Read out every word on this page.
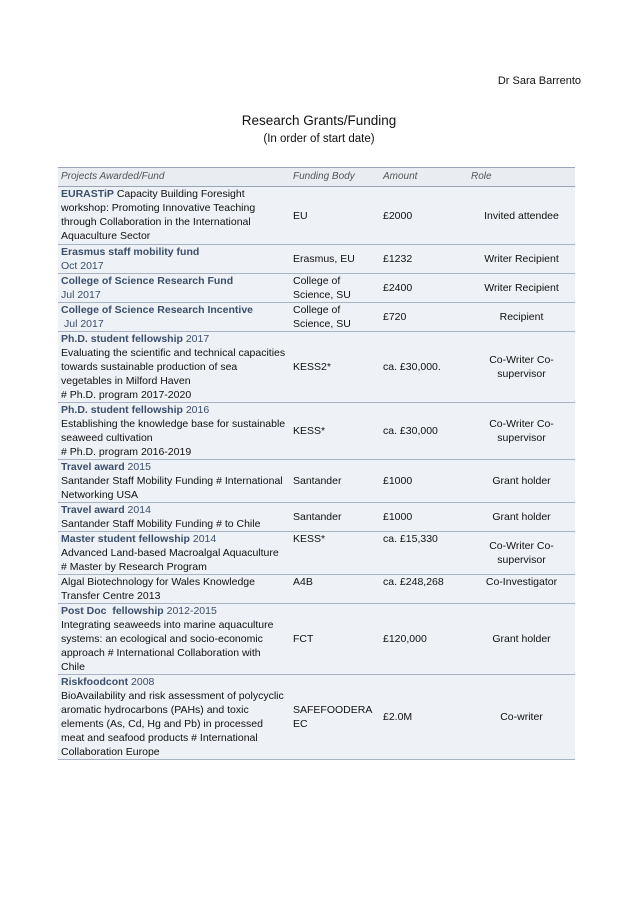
Dr Sara Barrento
Research Grants/Funding
(In order of start date)
Projects Awarded/Fund	Funding Body	Amount	Role
EURASTiP Capacity Building Foresight workshop: Promoting Innovative Teaching through Collaboration in the International Aquaculture Sector	EU	£2000	Invited attendee

Erasmus staff mobility fund
Oct 2017	Erasmus, EU	£1232	Writer Recipient

College of Science Research Fund
Jul 2017	College of Science, SU	£2400	Writer Recipient

College of Science Research Incentive
Jul 2017	College of Science, SU	£720	Recipient
Ph.D. student fellowship 2017
Evaluating the scientific and technical capacities towards sustainable production of sea vegetables in Milford Haven
# Ph.D. program 2017-2020	KESS2*	ca. £30,000.	Co-Writer Co-supervisor
Ph.D. student fellowship 2016
Establishing the knowledge base for sustainable seaweed cultivation
# Ph.D. program 2016-2019	KESS*	ca. £30,000	Co-Writer Co-supervisor
Travel award 2015
Santander Staff Mobility Funding # International Networking USA	Santander	£1000	Grant holder
Travel award 2014
Santander Staff Mobility Funding # to Chile	Santander	£1000	Grant holder
Master student fellowship 2014
Advanced Land-based Macroalgal Aquaculture
# Master by Research Program	KESS*	ca. £15,330	Co-Writer Co-supervisor

Algal Biotechnology for Wales Knowledge Transfer Centre 2013	A4B	ca. £248,268	Co-Investigator
Post Doc  fellowship 2012-2015
Integrating seaweeds into marine aquaculture systems: an ecological and socio-economic approach # International Collaboration with Chile	FCT	£120,000	Grant holder
Riskfoodcont 2008
BioAvailability and risk assessment of polycyclic aromatic hydrocarbons (PAHs) and toxic elements (As, Cd, Hg and Pb) in processed meat and seafood products # International Collaboration Europe	SAFEFOODERA EC	£2.0M	Co-writer
